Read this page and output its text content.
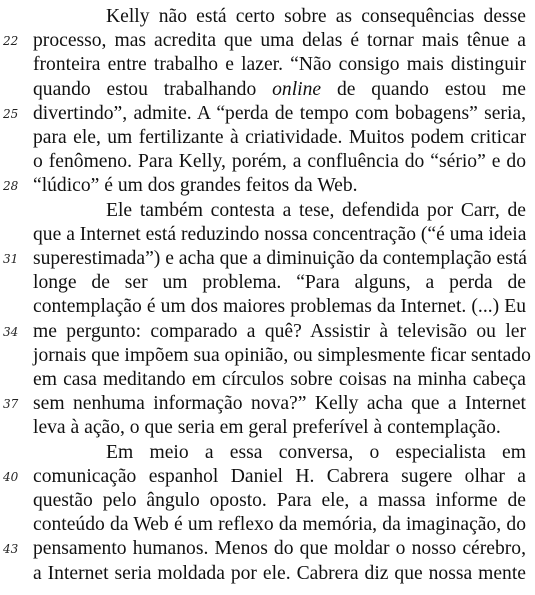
Kelly não está certo sobre as consequências desse
22 processo, mas acredita que uma delas é tornar mais tênue a
fronteira entre trabalho e lazer. “Não consigo mais distinguir
quando estou trabalhando online de quando estou me
25 divertindo”, admite. A “perda de tempo com bobagens” seria,
para ele, um fertilizante à criatividade. Muitos podem criticar
o fenômeno. Para Kelly, porém, a confluência do “sério” e do
28 “lúdico” é um dos grandes feitos da Web.
Ele também contesta a tese, defendida por Carr, de
que a Internet está reduzindo nossa concentração (“é uma ideia
31 superestimada”) e acha que a diminuição da contemplação está
longe de ser um problema. “Para alguns, a perda de
contemplação é um dos maiores problemas da Internet. (...) Eu
34 me pergunto: comparado a quê? Assistir à televisão ou ler
jornais que impõem sua opinião, ou simplesmente ficar sentado
em casa meditando em círculos sobre coisas na minha cabeça
37 sem nenhuma informação nova?” Kelly acha que a Internet
leva à ação, o que seria em geral preferível à contemplação.
Em meio a essa conversa, o especialista em
40 comunicação espanhol Daniel H. Cabrera sugere olhar a
questão pelo ângulo oposto. Para ele, a massa informe de
conteúdo da Web é um reflexo da memória, da imaginação, do
43 pensamento humanos. Menos do que moldar o nosso cérebro,
a Internet seria moldada por ele. Cabrera diz que nossa mente
